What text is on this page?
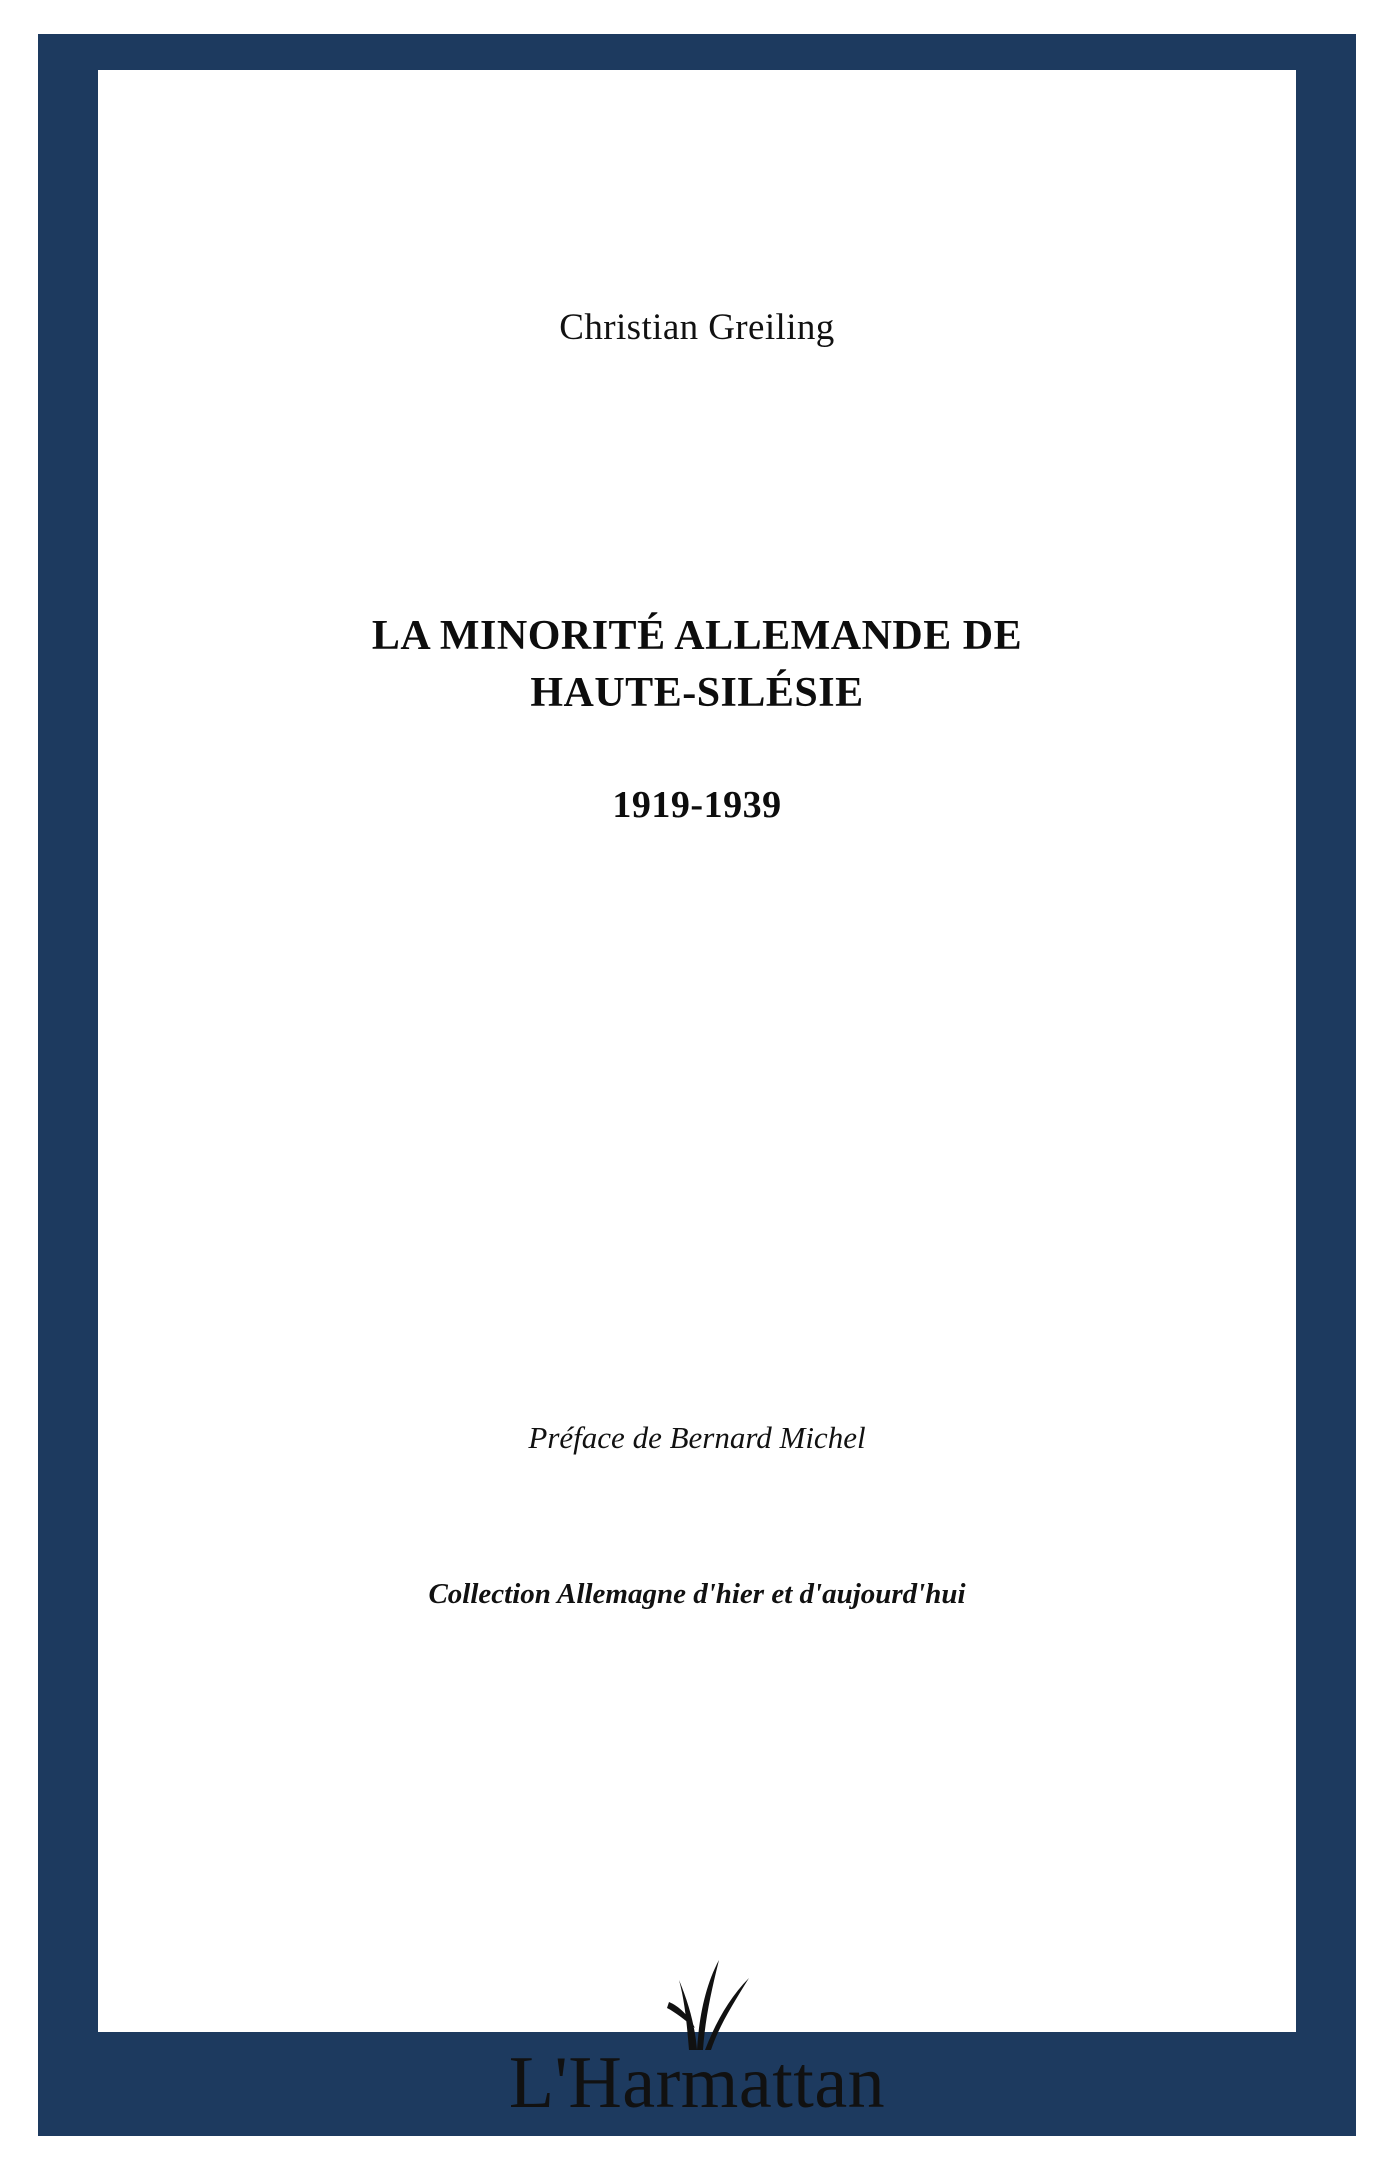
Christian Greiling
LA MINORITÉ ALLEMANDE DE
HAUTE-SILÉSIE
1919-1939
Préface de Bernard Michel
Collection Allemagne d'hier et d'aujourd'hui
L'Harmattan
